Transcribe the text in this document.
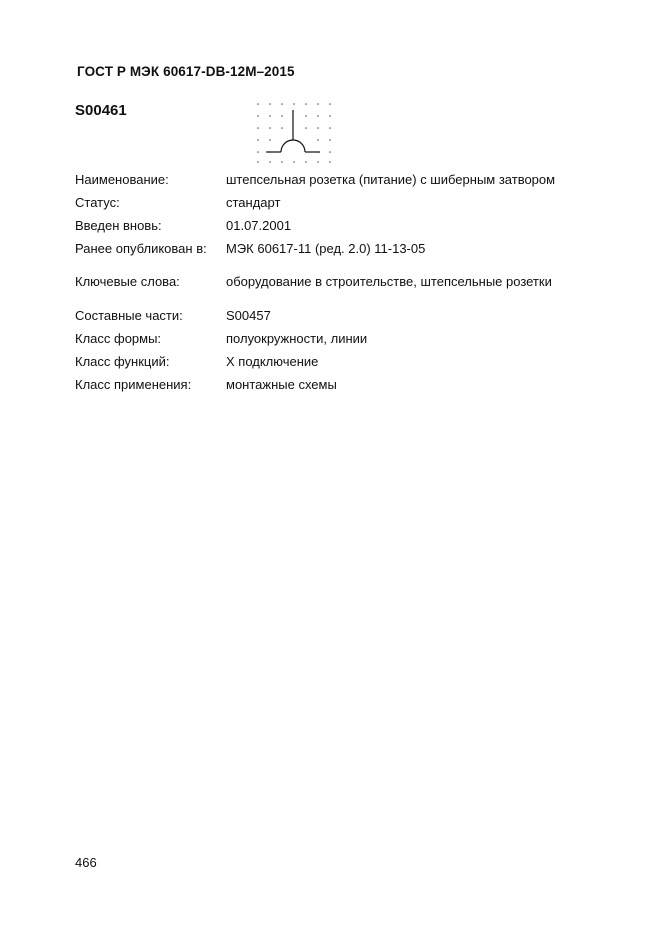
ГОСТ Р МЭК 60617-DB-12M–2015
S00461
Наименование:	штепсельная розетка (питание) с шиберным затвором
Статус:	стандарт
Введен вновь:	01.07.2001
Ранее опубликован в: МЭК 60617-11 (ред. 2.0) 11-13-05
Ключевые слова:	оборудование в строительстве, штепсельные розетки
Составные части:	S00457
Класс формы:	полуокружности, линии
Класс функций:	X подключение
Класс применения:	монтажные схемы
466
